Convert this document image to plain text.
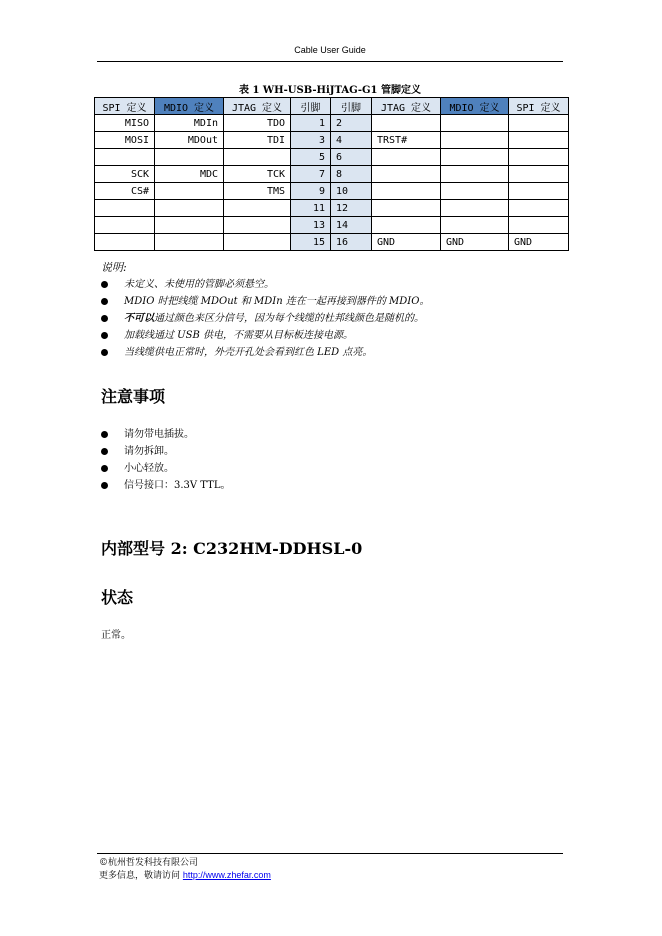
Cable User Guide
表 1 WH-USB-HiJTAG-G1 管脚定义
SPI 定义	MDIO 定义	JTAG 定义	引脚	引脚	JTAG 定义	MDIO 定义	SPI 定义
MISO	MDIn	TDO	1	2			
MOSI	MDOut	TDI	3	4	TRST#		
			5	6			
SCK	MDC	TCK	7	8			
CS#		TMS	9	10			
			11	12			
			13	14			
			15	16	GND	GND	GND
说明:
未定义、未使用的管脚必须悬空。
MDIO 时把线缆 MDOut 和 MDIn 连在一起再接到器件的 MDIO。
不可以通过颜色来区分信号，因为每个线缆的杜邦线颜色是随机的。
加载线通过 USB 供电，不需要从目标板连接电源。
当线缆供电正常时，外壳开孔处会看到红色 LED 点亮。
注意事项
请勿带电插拔。
请勿拆卸。
小心轻放。
信号接口：3.3V TTL。
内部型号 2: C232HM-DDHSL-0
状态
正常。
©杭州哲发科技有限公司
更多信息，敬请访问 http://www.zhefar.com
